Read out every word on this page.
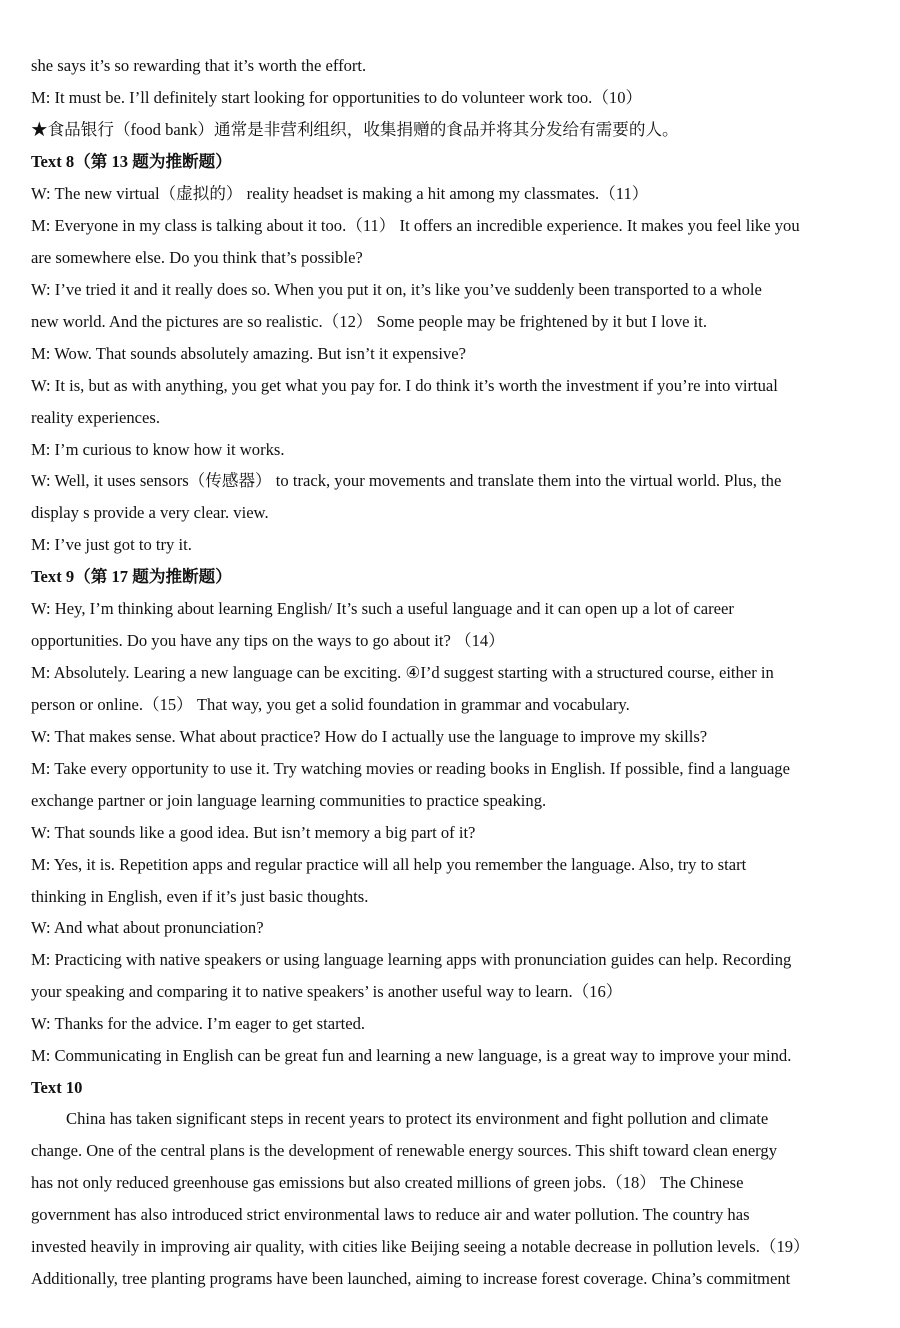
she says it’s so rewarding that it’s worth the effort.
M: It must be. I’ll definitely start looking for opportunities to do volunteer work too.（10）
★食品银行（food bank）通常是非营利组织，收集捐赠的食品并将其分发给有需要的人。
Text 8（第 13 题为推断题）
W: The new virtual（虚拟的） reality headset is making a hit among my classmates.（11）
M: Everyone in my class is talking about it too.（11） It offers an incredible experience. It makes you feel like you
are somewhere else. Do you think that’s possible?
W: I’ve tried it and it really does so. When you put it on, it’s like you’ve suddenly been transported to a whole
new world. And the pictures are so realistic.（12） Some people may be frightened by it but I love it.
M: Wow. That sounds absolutely amazing. But isn’t it expensive?
W: It is, but as with anything, you get what you pay for. I do think it’s worth the investment if you’re into virtual
reality experiences.
M: I’m curious to know how it works.
W: Well, it uses sensors（传感器） to track, your movements and translate them into the virtual world. Plus, the
display s provide a very clear. view.
M: I’ve just got to try it.
Text 9（第 17 题为推断题）
W: Hey, I’m thinking about learning English/ It’s such a useful language and it can open up a lot of career
opportunities. Do you have any tips on the ways to go about it? （14）
M: Absolutely. Learing a new language can be exciting. ④I’d suggest starting with a structured course, either in
person or online.（15） That way, you get a solid foundation in grammar and vocabulary.
W: That makes sense. What about practice? How do I actually use the language to improve my skills?
M: Take every opportunity to use it. Try watching movies or reading books in English. If possible, find a language
exchange partner or join language learning communities to practice speaking.
W: That sounds like a good idea. But isn’t memory a big part of it?
M: Yes, it is. Repetition apps and regular practice will all help you remember the language. Also, try to start
thinking in English, even if it’s just basic thoughts.
W: And what about pronunciation?
M: Practicing with native speakers or using language learning apps with pronunciation guides can help. Recording
your speaking and comparing it to native speakers’ is another useful way to learn.（16）
W: Thanks for the advice. I’m eager to get started.
M: Communicating in English can be great fun and learning a new language, is a great way to improve your mind.
Text 10
China has taken significant steps in recent years to protect its environment and fight pollution and climate
change. One of the central plans is the development of renewable energy sources. This shift toward clean energy
has not only reduced greenhouse gas emissions but also created millions of green jobs.（18） The Chinese
government has also introduced strict environmental laws to reduce air and water pollution. The country has
invested heavily in improving air quality, with cities like Beijing seeing a notable decrease in pollution levels.（19）
Additionally, tree planting programs have been launched, aiming to increase forest coverage. China’s commitment
